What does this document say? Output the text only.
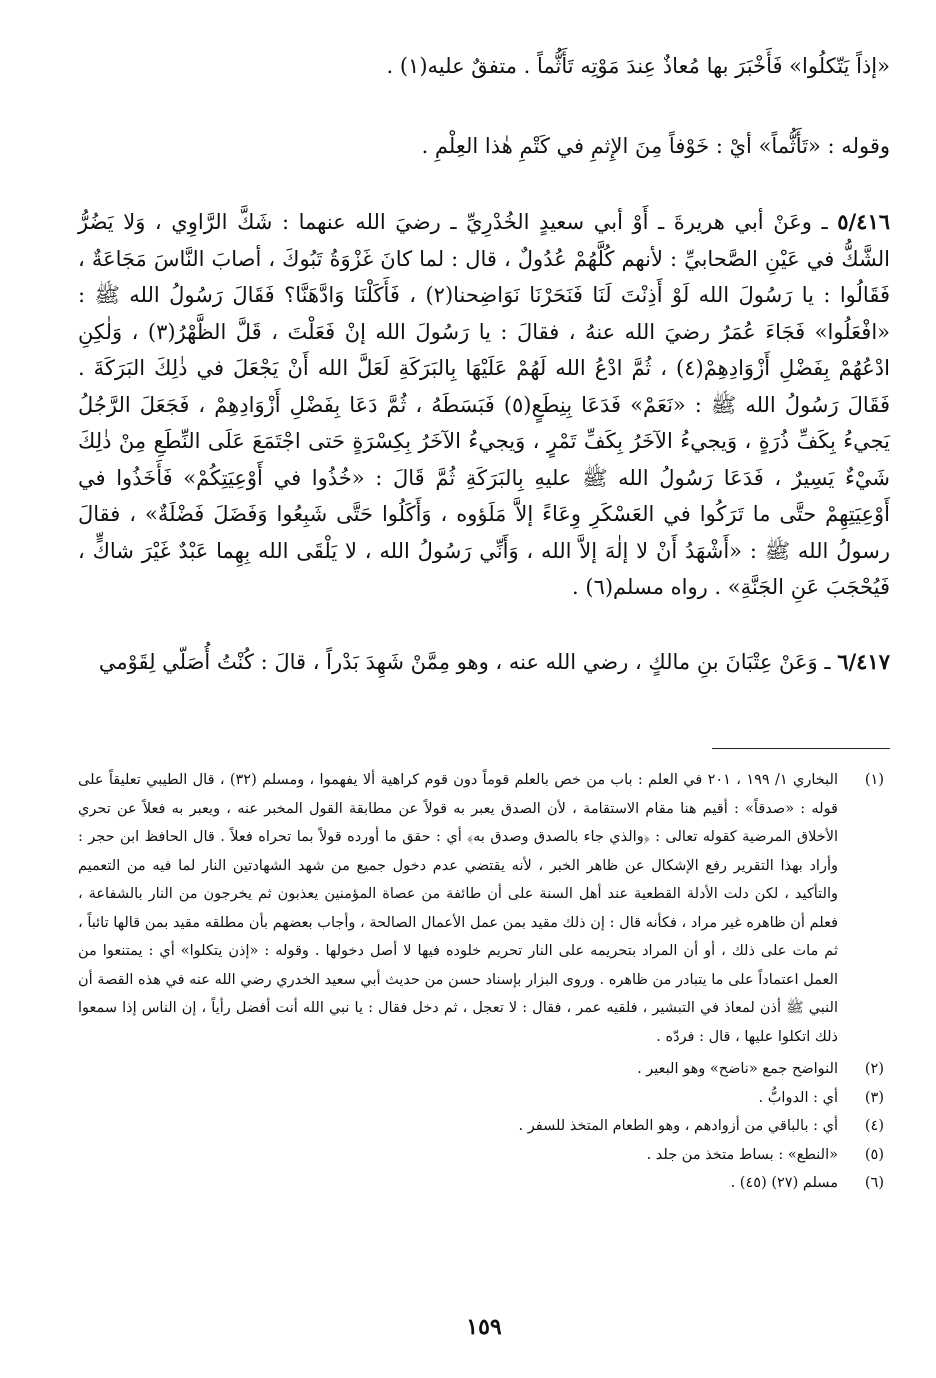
«إذاً يَتّكلُوا» فَأَخْبَرَ بها مُعاذٌ عِندَ مَوْتِه تَأَثُّماً . متفقٌ عليه(١) .

وقوله : «تَأَثُّماً» أيْ : خَوْفاً مِنَ الإِثمِ في كَتْمِ هٰذا العِلْمِ .

٥/٤١٦ ـ وعَنْ أبي هريرةَ ـ أَوْ أبي سعيدٍ الخُدْرِيِّ ـ رضيَ الله عنهما : شَكَّ الرَّاوِي ، وَلا يَضُرُّ الشَّكُّ في عَيْنِ الصَّحابيِّ : لأنهم كُلَّهُمْ عُدُولٌ ، قال : لما كانَ غَزْوَةُ تَبُوكَ ، أصابَ النَّاسَ مَجَاعَةٌ ، فَقَالُوا : يا رَسُولَ الله لَوْ أَذِنْتَ لَنَا فَنَحَرْنَا نَوَاضِحنا(٢) ، فَأَكَلْنَا وَادَّهَنَّا؟ فَقَالَ رَسُولُ الله ﷺ : «افْعَلُوا» فَجَاءَ عُمَرُ رضيَ الله عنهُ ، فقالَ : يا رَسُولَ الله إنْ فَعَلْتَ ، قَلَّ الظَّهْرُ(٣) ، وَلٰكِنِ ادْعُهُمْ بِفَضْلِ أَزْوَادِهِمْ(٤) ، ثُمَّ ادْعُ الله لَهُمْ عَلَيْهَا بِالبَرَكَةِ لَعَلَّ الله أَنْ يَجْعَلَ في ذٰلِكَ البَرَكَةَ . فَقَالَ رَسُولُ الله ﷺ : «نَعَمْ» فَدَعَا بِنِطَعٍ(٥) فَبَسَطَهُ ، ثُمَّ دَعَا بِفَضْلِ أَزْوَادِهِمْ ، فَجَعَلَ الرَّجُلُ يَجيءُ بِكَفِّ ذُرَةٍ ، وَيجيءُ الآخَرُ بِكَفِّ تَمْرٍ ، وَيجيءُ الآخَرُ بِكِسْرَةٍ حَتى اجْتَمَعَ عَلَى النِّطَعِ مِنْ ذٰلِكَ شَيْءٌ يَسِيرٌ ، فَدَعَا رَسُولُ الله ﷺ عليهِ بِالبَرَكَةِ ثُمَّ قَالَ : «خُذُوا في أَوْعِيَتِكُمْ» فَأَخَذُوا في أَوْعِيَتِهِمْ حتَّى ما تَرَكُوا في العَسْكَرِ وِعَاءً إلاَّ مَلَؤوه ، وَأَكَلُوا حَتَّى شَبِعُوا وَفَضَلَ فَضْلَةٌ» ، فقالَ رسولُ الله ﷺ : «أَشْهَدُ أَنْ لا إلٰهَ إلاَّ الله ، وَأَنِّي رَسُولُ الله ، لا يَلْقَى الله بِهِما عَبْدٌ غَيْرَ شاكٍّ ، فَيُحْجَبَ عَنِ الجَنَّةِ» . رواه مسلم(٦) .

٦/٤١٧ ـ وَعَنْ عِتْبَانَ بنِ مالكٍ ، رضي الله عنه ، وهو مِمَّنْ شَهِدَ بَدْراً ، قالَ : كُنْتُ أُصَلّي لِقَوْمي

(١)
البخاري ١/ ١٩٩ ، ٢٠١ في العلم : باب من خص بالعلم قوماً دون قوم كراهية ألا يفهموا ، ومسلم (٣٢) ، قال الطيبي تعليقاً على قوله : «صدقاً» : أقيم هنا مقام الاستقامة ، لأن الصدق يعبر به قولاً عن مطابقة القول المخبر عنه ، ويعبر به فعلاً عن تحري الأخلاق المرضية كقوله تعالى : ﴿والذي جاء بالصدق وصدق به﴾ أي : حقق ما أورده قولاً بما تحراه فعلاً . قال الحافظ ابن حجر : وأراد بهذا التقرير رفع الإشكال عن ظاهر الخبر ، لأنه يقتضي عدم دخول جميع من شهد الشهادتين النار لما فيه من التعميم والتأكيد ، لكن دلت الأدلة القطعية عند أهل السنة على أن طائفة من عصاة المؤمنين يعذبون ثم يخرجون من النار بالشفاعة ، فعلم أن ظاهره غير مراد ، فكأنه قال : إن ذلك مقيد بمن عمل الأعمال الصالحة ، وأجاب بعضهم بأن مطلقه مقيد بمن قالها تائباً ، ثم مات على ذلك ، أو أن المراد بتحريمه على النار تحريم خلوده فيها لا أصل دخولها . وقوله : «إذن يتكلوا» أي : يمتنعوا من العمل اعتماداً على ما يتبادر من ظاهره . وروى البزار بإسناد حسن من حديث أبي سعيد الخدري رضي الله عنه في هذه القصة أن النبي ﷺ أذن لمعاذ في التبشير ، فلقيه عمر ، فقال : لا تعجل ، ثم دخل فقال : يا نبي الله أنت أفضل رأياً ، إن الناس إذا سمعوا ذلك اتكلوا عليها ، قال : فردّه .
(٢)
النواضح جمع «ناضح» وهو البعير .
(٣)
أي : الدوابُّ .
(٤)
أي : بالباقي من أزوادهم ، وهو الطعام المتخذ للسفر .
(٥)
«النطع» : بساط متخذ من جلد .
(٦)
مسلم (٢٧) (٤٥) .
١٥٩
